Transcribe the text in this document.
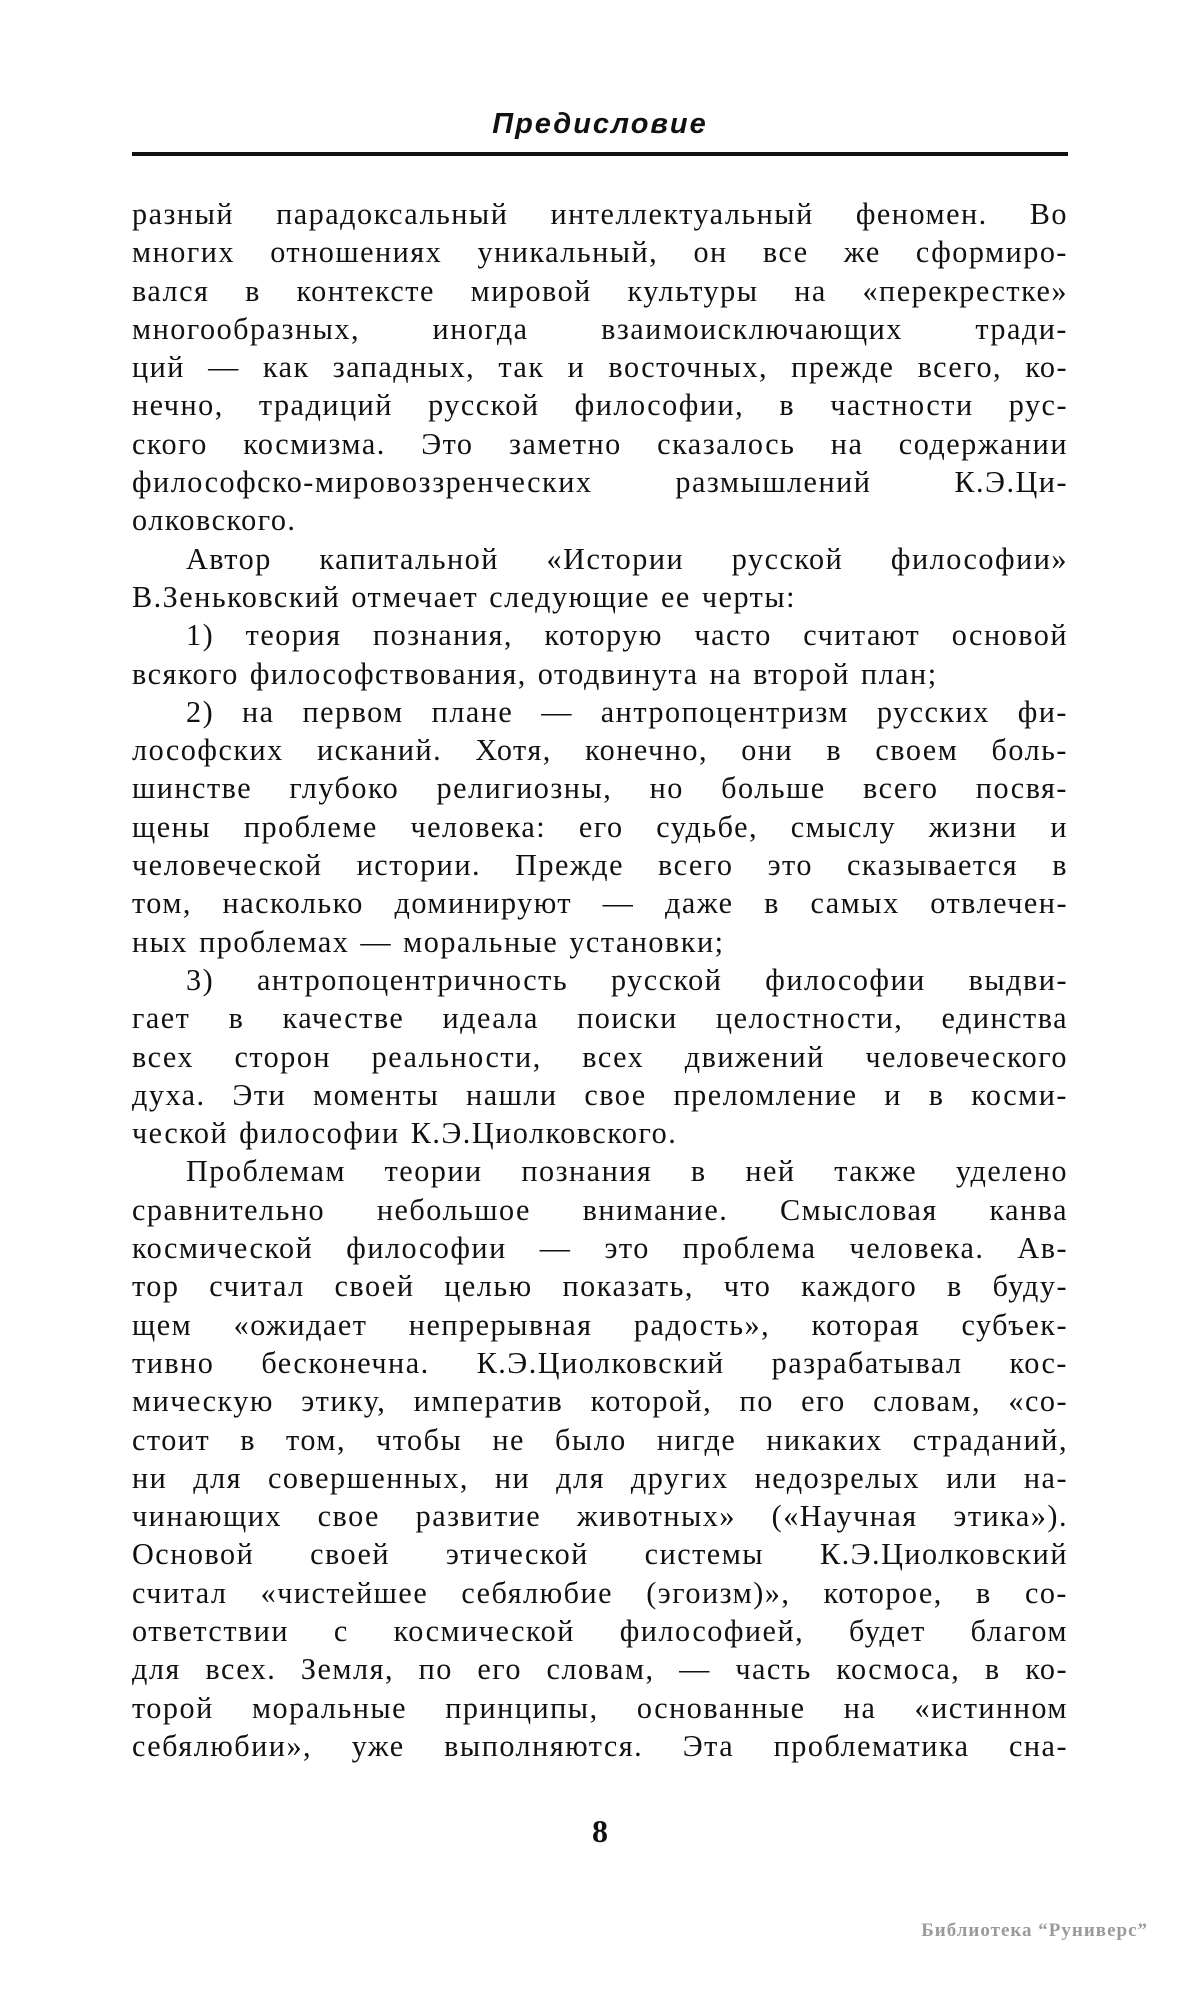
Предисловие
разный парадоксальный интеллектуальный феномен. Во
многих отношениях уникальный, он все же сформиро-
вался в контексте мировой культуры на «перекрестке»
многообразных, иногда взаимоисключающих тради-
ций — как западных, так и восточных, прежде всего, ко-
нечно, традиций русской философии, в частности рус-
ского космизма. Это заметно сказалось на содержании
философско-мировоззренческих размышлений К.Э.Ци-
олковского.
Автор капитальной «Истории русской философии»
В.Зеньковский отмечает следующие ее черты:
1) теория познания, которую часто считают основой
всякого философствования, отодвинута на второй план;
2) на первом плане — антропоцентризм русских фи-
лософских исканий. Хотя, конечно, они в своем боль-
шинстве глубоко религиозны, но больше всего посвя-
щены проблеме человека: его судьбе, смыслу жизни и
человеческой истории. Прежде всего это сказывается в
том, насколько доминируют — даже в самых отвлечен-
ных проблемах — моральные установки;
3) антропоцентричность русской философии выдви-
гает в качестве идеала поиски целостности, единства
всех сторон реальности, всех движений человеческого
духа. Эти моменты нашли свое преломление и в косми-
ческой философии К.Э.Циолковского.
Проблемам теории познания в ней также уделено
сравнительно небольшое внимание. Смысловая канва
космической философии — это проблема человека. Ав-
тор считал своей целью показать, что каждого в буду-
щем «ожидает непрерывная радость», которая субъек-
тивно бесконечна. К.Э.Циолковский разрабатывал кос-
мическую этику, императив которой, по его словам, «со-
стоит в том, чтобы не было нигде никаких страданий,
ни для совершенных, ни для других недозрелых или на-
чинающих свое развитие животных» («Научная этика»).
Основой своей этической системы К.Э.Циолковский
считал «чистейшее себялюбие (эгоизм)», которое, в со-
ответствии с космической философией, будет благом
для всех. Земля, по его словам, — часть космоса, в ко-
торой моральные принципы, основанные на «истинном
себялюбии», уже выполняются. Эта проблематика сна-
8
Библиотека “Руниверс”
